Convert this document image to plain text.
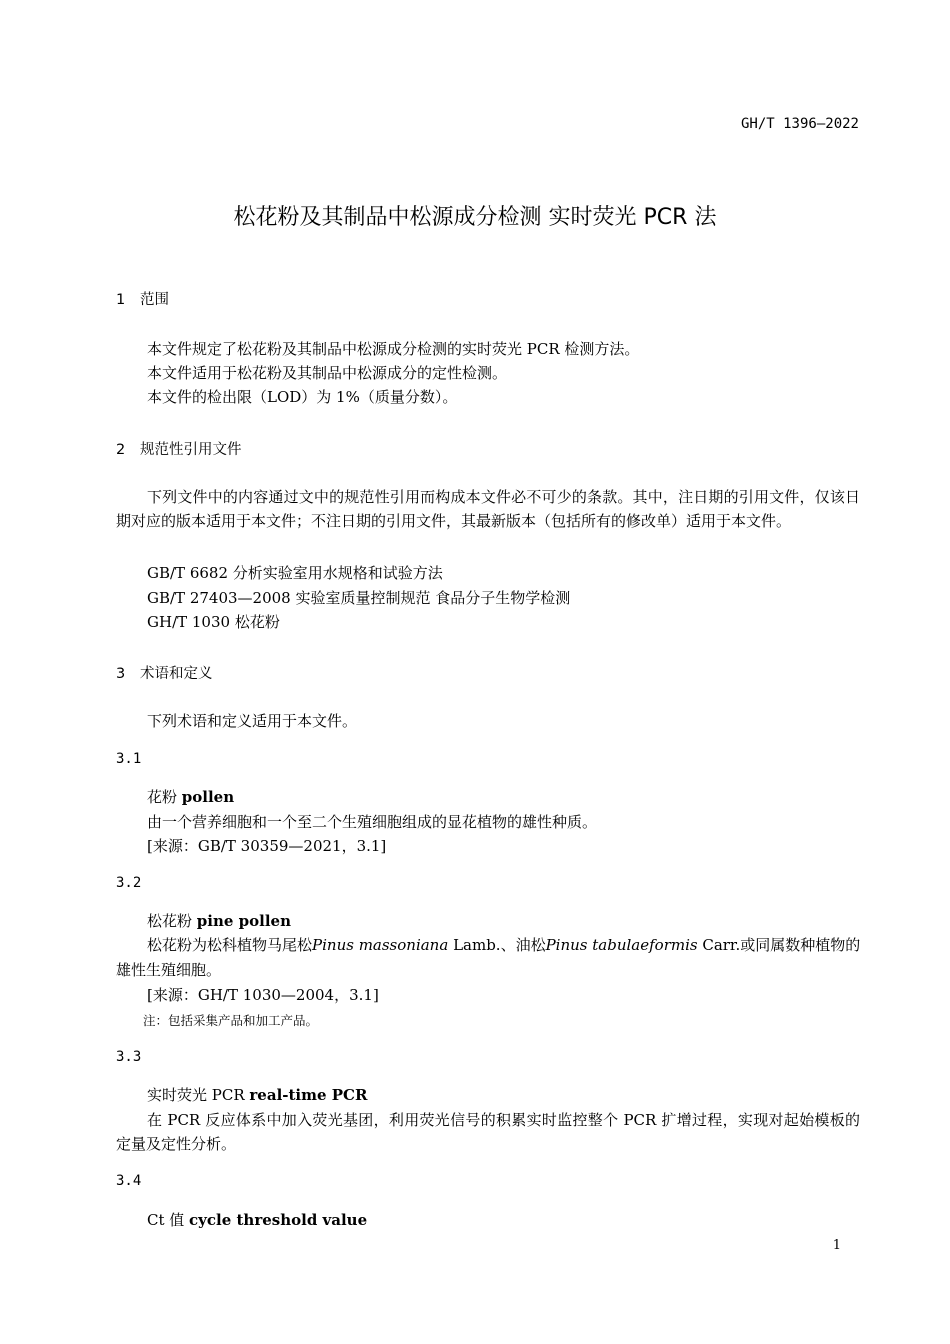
GH/T 1396—2022
松花粉及其制品中松源成分检测 实时荧光 PCR 法
1 范围
本文件规定了松花粉及其制品中松源成分检测的实时荧光 PCR 检测方法。
本文件适用于松花粉及其制品中松源成分的定性检测。
本文件的检出限（LOD）为 1%（质量分数）。
2 规范性引用文件
下列文件中的内容通过文中的规范性引用而构成本文件必不可少的条款。其中，注日期的引用文件，仅该日期对应的版本适用于本文件；不注日期的引用文件，其最新版本（包括所有的修改单）适用于本文件。
GB/T 6682 分析实验室用水规格和试验方法
GB/T 27403—2008 实验室质量控制规范 食品分子生物学检测
GH/T 1030 松花粉
3 术语和定义
下列术语和定义适用于本文件。
3.1
花粉 pollen
由一个营养细胞和一个至二个生殖细胞组成的显花植物的雄性种质。
[来源：GB/T 30359—2021，3.1]
3.2
松花粉 pine pollen
松花粉为松科植物马尾松Pinus massoniana Lamb.、油松Pinus tabulaeformis Carr.或同属数种植物的
雄性生殖细胞。
[来源：GH/T 1030—2004，3.1]
注：包括采集产品和加工产品。
3.3
实时荧光 PCR real-time PCR
在 PCR 反应体系中加入荧光基团，利用荧光信号的积累实时监控整个 PCR 扩增过程，实现对起始模板的定量及定性分析。
3.4
Ct 值 cycle threshold value
1
